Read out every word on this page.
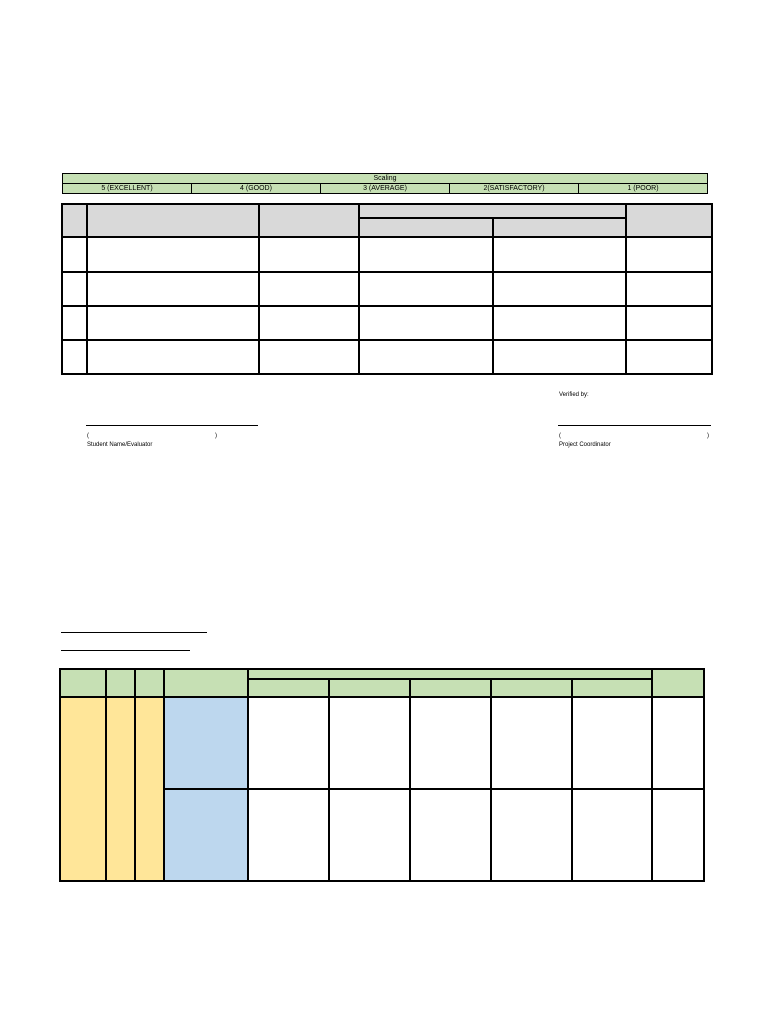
Scaling
5 (EXCELLENT)	4 (GOOD)	3 (AVERAGE)	2(SATISFACTORY)	1 (POOR)
Verified by:
(	)
Student Name/Evaluator
(	)
Project Coordinator
